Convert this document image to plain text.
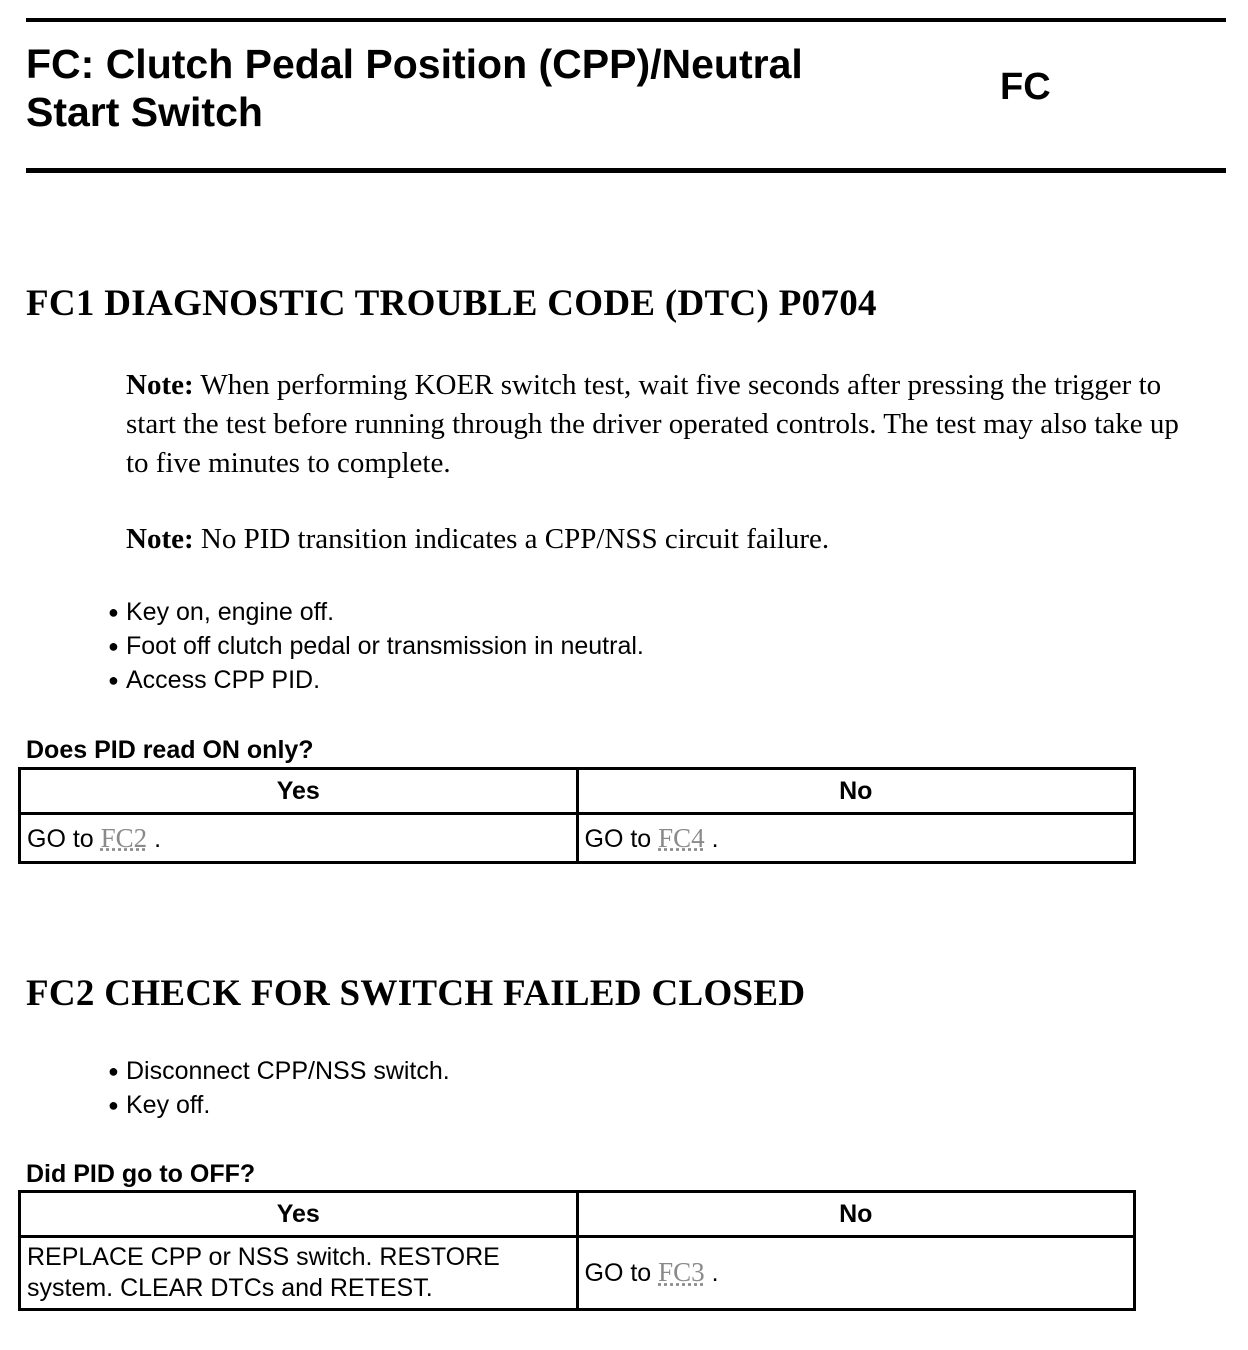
FC: Clutch Pedal Position (CPP)/Neutral Start Switch
FC
FC1 DIAGNOSTIC TROUBLE CODE (DTC) P0704
Note: When performing KOER switch test, wait five seconds after pressing the trigger to start the test before running through the driver operated controls. The test may also take up to five minutes to complete.
Note: No PID transition indicates a CPP/NSS circuit failure.
● Key on, engine off.
● Foot off clutch pedal or transmission in neutral.
● Access CPP PID.
Does PID read ON only?
Yes	No
GO to FC2 .	GO to FC4 .
FC2 CHECK FOR SWITCH FAILED CLOSED
● Disconnect CPP/NSS switch.
● Key off.
Did PID go to OFF?
Yes	No
REPLACE CPP or NSS switch. RESTORE system. CLEAR DTCs and RETEST.	GO to FC3 .
